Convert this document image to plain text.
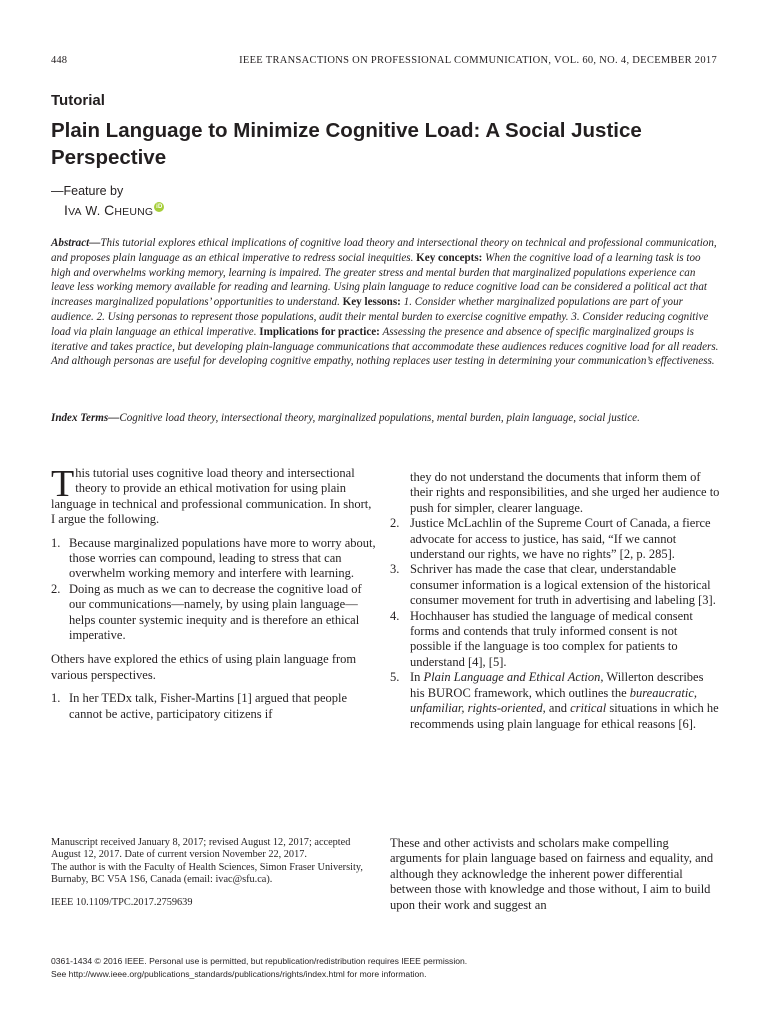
448	IEEE TRANSACTIONS ON PROFESSIONAL COMMUNICATION, VOL. 60, NO. 4, DECEMBER 2017
Tutorial
Plain Language to Minimize Cognitive Load: A Social Justice Perspective
—Feature by
IVA W. CHEUNG iD
Abstract—This tutorial explores ethical implications of cognitive load theory and intersectional theory on technical and professional communication, and proposes plain language as an ethical imperative to redress social inequities. Key concepts: When the cognitive load of a learning task is too high and overwhelms working memory, learning is impaired. The greater stress and mental burden that marginalized populations experience can leave less working memory available for reading and learning. Using plain language to reduce cognitive load can be considered a political act that increases marginalized populations’ opportunities to understand. Key lessons: 1. Consider whether marginalized populations are part of your audience. 2. Using personas to represent those populations, audit their mental burden to exercise cognitive empathy. 3. Consider reducing cognitive load via plain language an ethical imperative. Implications for practice: Assessing the presence and absence of specific marginalized groups is iterative and takes practice, but developing plain-language communications that accommodate these audiences reduces cognitive load for all readers. And although personas are useful for developing cognitive empathy, nothing replaces user testing in determining your communication’s effectiveness.
Index Terms—Cognitive load theory, intersectional theory, marginalized populations, mental burden, plain language, social justice.

This tutorial uses cognitive load theory and intersectional theory to provide an ethical motivation for using plain language in technical and professional communication. In short, I argue the following.

1. Because marginalized populations have more to worry about, those worries can compound, leading to stress that can overwhelm working memory and interfere with learning.
2. Doing as much as we can to decrease the cognitive load of our communications—namely, by using plain language—helps counter systemic inequity and is therefore an ethical imperative.

Others have explored the ethics of using plain language from various perspectives.

1. In her TEDx talk, Fisher-Martins [1] argued that people cannot be active, participatory citizens if
they do not understand the documents that inform them of their rights and responsibilities, and she urged her audience to push for simpler, clearer language.
2. Justice McLachlin of the Supreme Court of Canada, a fierce advocate for access to justice, has said, “If we cannot understand our rights, we have no rights” [2, p. 285].
3. Schriver has made the case that clear, understandable consumer information is a logical extension of the historical consumer movement for truth in advertising and labeling [3].
4. Hochhauser has studied the language of medical consent forms and contends that truly informed consent is not possible if the language is too complex for patients to understand [4], [5].
5. In Plain Language and Ethical Action, Willerton describes his BUROC framework, which outlines the bureaucratic, unfamiliar, rights-oriented, and critical situations in which he recommends using plain language for ethical reasons [6].
These and other activists and scholars make compelling arguments for plain language based on fairness and equality, and although they acknowledge the inherent power differential between those with knowledge and those without, I aim to build upon their work and suggest an
Manuscript received January 8, 2017; revised August 12, 2017; accepted August 12, 2017. Date of current version November 22, 2017.
The author is with the Faculty of Health Sciences, Simon Fraser University, Burnaby, BC V5A 1S6, Canada (email: ivac@sfu.ca).
IEEE 10.1109/TPC.2017.2759639
0361-1434 © 2016 IEEE. Personal use is permitted, but republication/redistribution requires IEEE permission.
See http://www.ieee.org/publications_standards/publications/rights/index.html for more information.
